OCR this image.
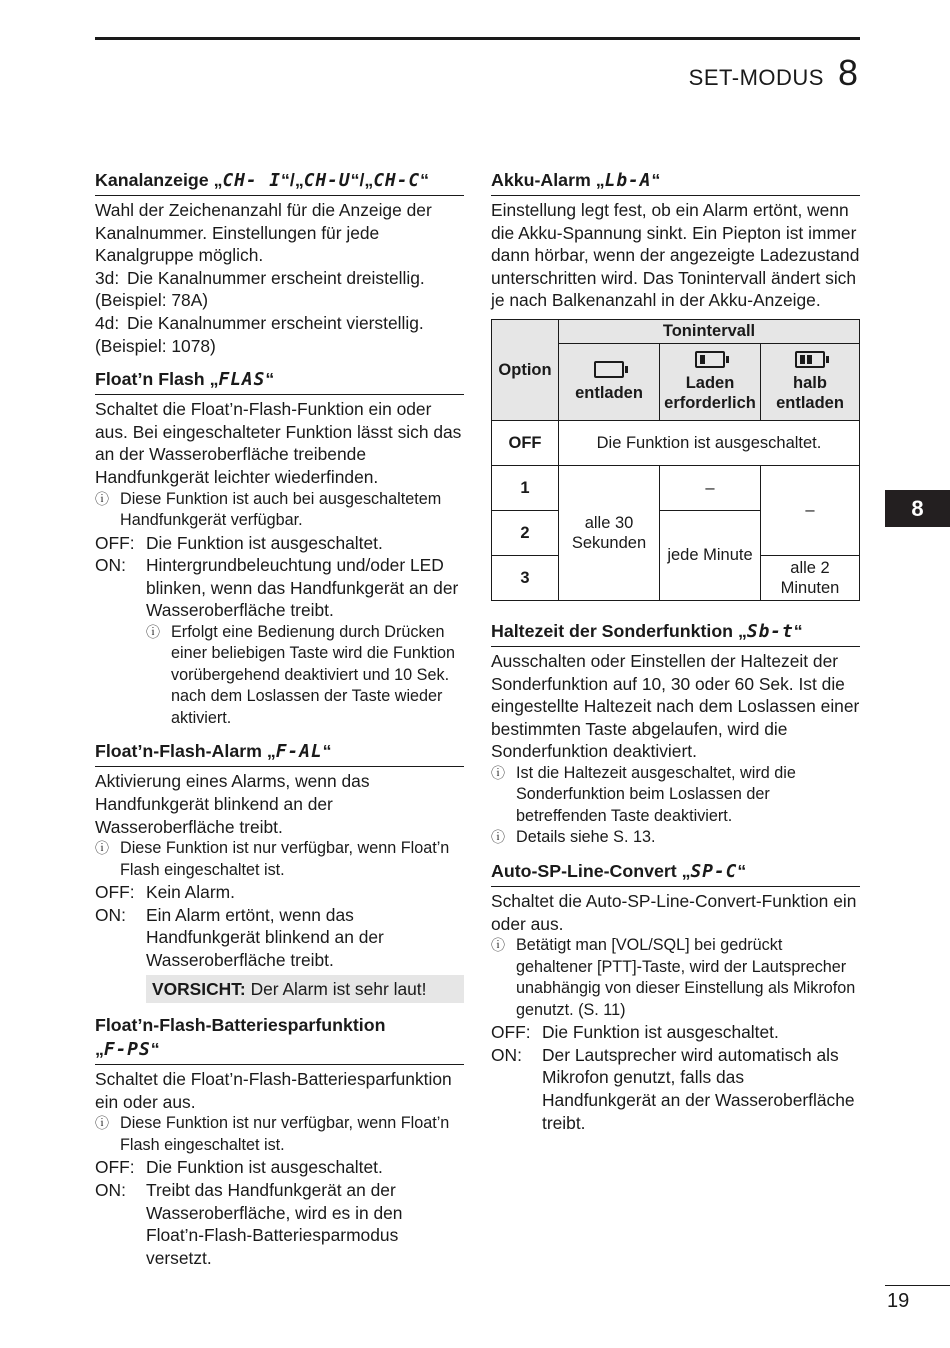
SET-MODUS 8
8
Kanalanzeige „CH- I“/„CH-U“/„CH-C“

Wahl der Zeichenanzahl für die Anzeige der Kanalnummer. Einstellungen für jede Kanalgruppe möglich.

3d: Die Kanalnummer erscheint dreistellig.

(Beispiel: 78A)

4d: Die Kanalnummer erscheint vierstellig.

(Beispiel: 1078)

Float’n Flash „FLAS“

Schaltet die Float’n-Flash-Funktion ein oder aus. Bei eingeschalteter Funktion lässt sich das an der Wasseroberfläche treibende Handfunkgerät leichter wiederfinden.

ⓘ Diese Funktion ist auch bei ausgeschaltetem Handfunkgerät verfügbar.
OFF: Die Funktion ist ausgeschaltet.
ON:	Hintergrundbeleuchtung und/oder LED blinken, wenn das Handfunkgerät an der Wasseroberfläche treibt.
ⓘ Erfolgt eine Bedienung durch Drücken einer beliebigen Taste wird die Funktion vorübergehend deaktiviert und 10 Sek. nach dem Loslassen der Taste wieder aktiviert.
Float’n-Flash-Alarm „F-AL“

Aktivierung eines Alarms, wenn das Handfunkgerät blinkend an der Wasseroberfläche treibt.

ⓘ Diese Funktion ist nur verfügbar, wenn Float’n Flash eingeschaltet ist.
OFF: Kein Alarm.
ON:	Ein Alarm ertönt, wenn das Handfunkgerät blinkend an der Wasseroberfläche treibt.
VORSICHT: Der Alarm ist sehr laut!
Float’n-Flash-Batteriesparfunktion
„F-PS“

Schaltet die Float’n-Flash-Batteriesparfunktion ein oder aus.

ⓘ Diese Funktion ist nur verfügbar, wenn Float’n Flash eingeschaltet ist.
OFF: Die Funktion ist ausgeschaltet.
ON:	Treibt das Handfunkgerät an der Wasseroberfläche, wird es in den Float’n-Flash-Batteriesparmodus versetzt.
Akku-Alarm „Lb-A“

Einstellung legt fest, ob ein Alarm ertönt, wenn die Akku-Spannung sinkt. Ein Piepton ist immer dann hörbar, wenn der angezeigte Ladezustand unterschritten wird. Das Tonintervall ändert sich je nach Balkenanzahl in der Akku-Anzeige.

Option	Tonintervall		

entladen	Laden erforderlich	halb entladen
OFF	Die Funktion ist ausgeschaltet.		
1	alle 30 Sekunden	–	–
2		jede Minute	
3			alle 2 Minuten
Haltezeit der Sonderfunktion „Sb-t“

Ausschalten oder Einstellen der Haltezeit der Sonderfunktion auf 10, 30 oder 60 Sek. Ist die eingestellte Haltezeit nach dem Loslassen einer bestimmten Taste abgelaufen, wird die Sonderfunktion deaktiviert.

ⓘ Ist die Haltezeit ausgeschaltet, wird die Sonderfunktion beim Loslassen der betreffenden Taste deaktiviert.
ⓘ Details siehe S. 13.
Auto-SP-Line-Convert „SP-C“

Schaltet die Auto-SP-Line-Convert-Funktion ein oder aus.

ⓘ Betätigt man [VOL/SQL] bei gedrückt gehaltener [PTT]-Taste, wird der Lautsprecher unabhängig von dieser Einstellung als Mikrofon genutzt. (S. 11)
OFF: Die Funktion ist ausgeschaltet.
ON:	Der Lautsprecher wird automatisch als Mikrofon genutzt, falls das Handfunkgerät an der Wasseroberfläche treibt.
19
